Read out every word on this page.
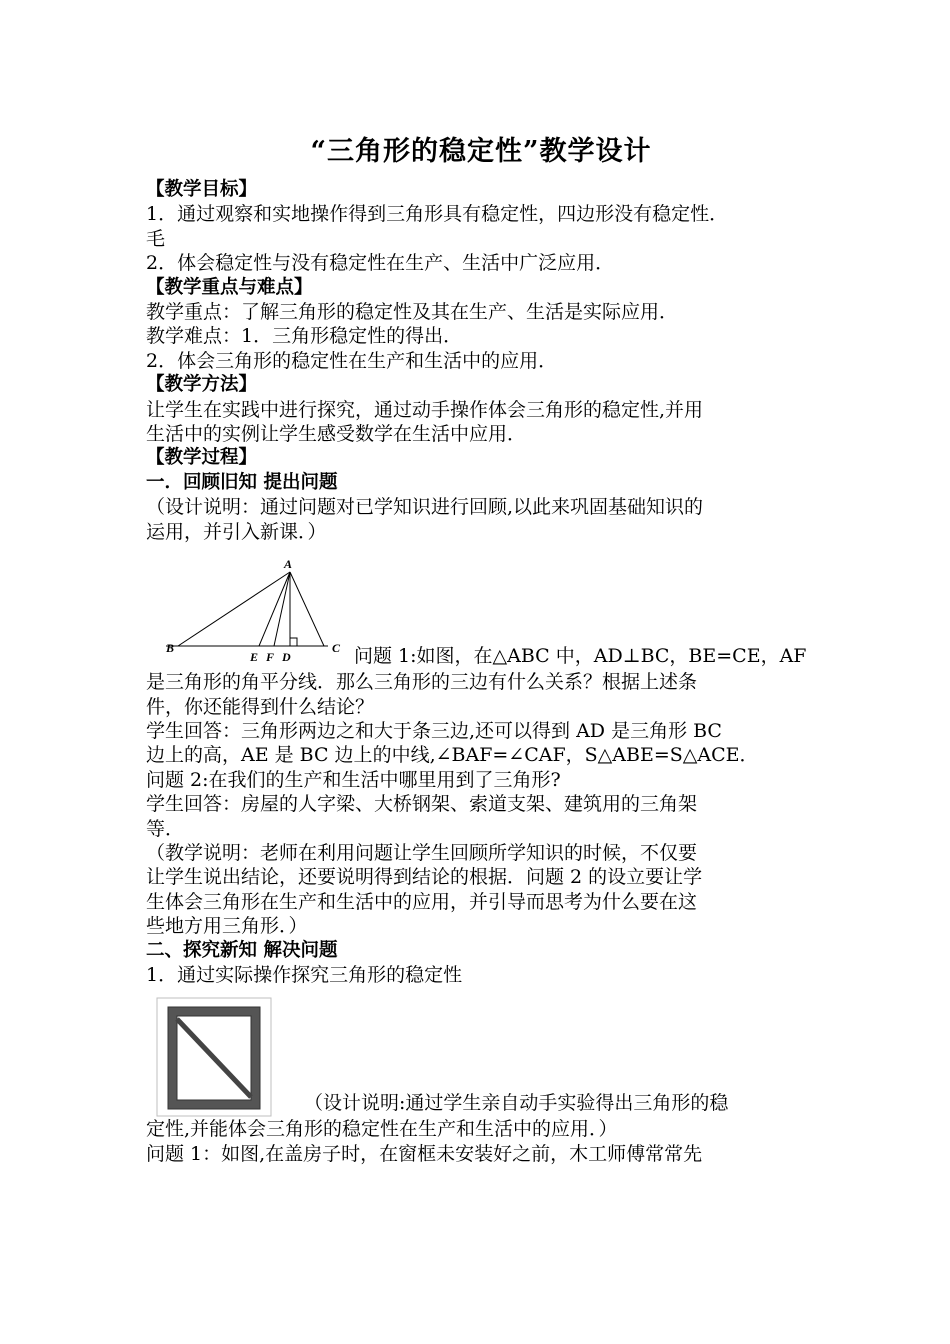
“三角形的稳定性”教学设计

【教学目标】

1．通过观察和实地操作得到三角形具有稳定性，四边形没有稳定性．

毛

2．体会稳定性与没有稳定性在生产、生活中广泛应用．

【教学重点与难点】

教学重点：了解三角形的稳定性及其在生产、生活是实际应用．

教学难点：1．三角形稳定性的得出．

2．体会三角形的稳定性在生产和生活中的应用．

【教学方法】

让学生在实践中进行探究，通过动手操作体会三角形的稳定性,并用

生活中的实例让学生感受数学在生活中应用．

【教学过程】

一．回顾旧知 提出问题

（设计说明：通过问题对已学知识进行回顾,以此来巩固基础知识的

运用，并引入新课．）

A
B	C
E F D	问题 1:如图，在△ABC 中，AD⊥BC，BE=CE，AF

是三角形的角平分线．那么三角形的三边有什么关系？根据上述条

件，你还能得到什么结论？

学生回答：三角形两边之和大于条三边,还可以得到 AD 是三角形 BC

边上的高，AE 是 BC 边上的中线,∠BAF=∠CAF，S△ABE=S△ACE．

问题 2:在我们的生产和生活中哪里用到了三角形?

学生回答：房屋的人字梁、大桥钢架、索道支架、建筑用的三角架

等．

（教学说明：老师在利用问题让学生回顾所学知识的时候，不仅要

让学生说出结论，还要说明得到结论的根据．问题 2 的设立要让学

生体会三角形在生产和生活中的应用，并引导而思考为什么要在这

些地方用三角形．）

二、探究新知 解决问题

1．通过实际操作探究三角形的稳定性

（设计说明:通过学生亲自动手实验得出三角形的稳

定性,并能体会三角形的稳定性在生产和生活中的应用．）

问题 1：如图,在盖房子时，在窗框未安装好之前，木工师傅常常先
